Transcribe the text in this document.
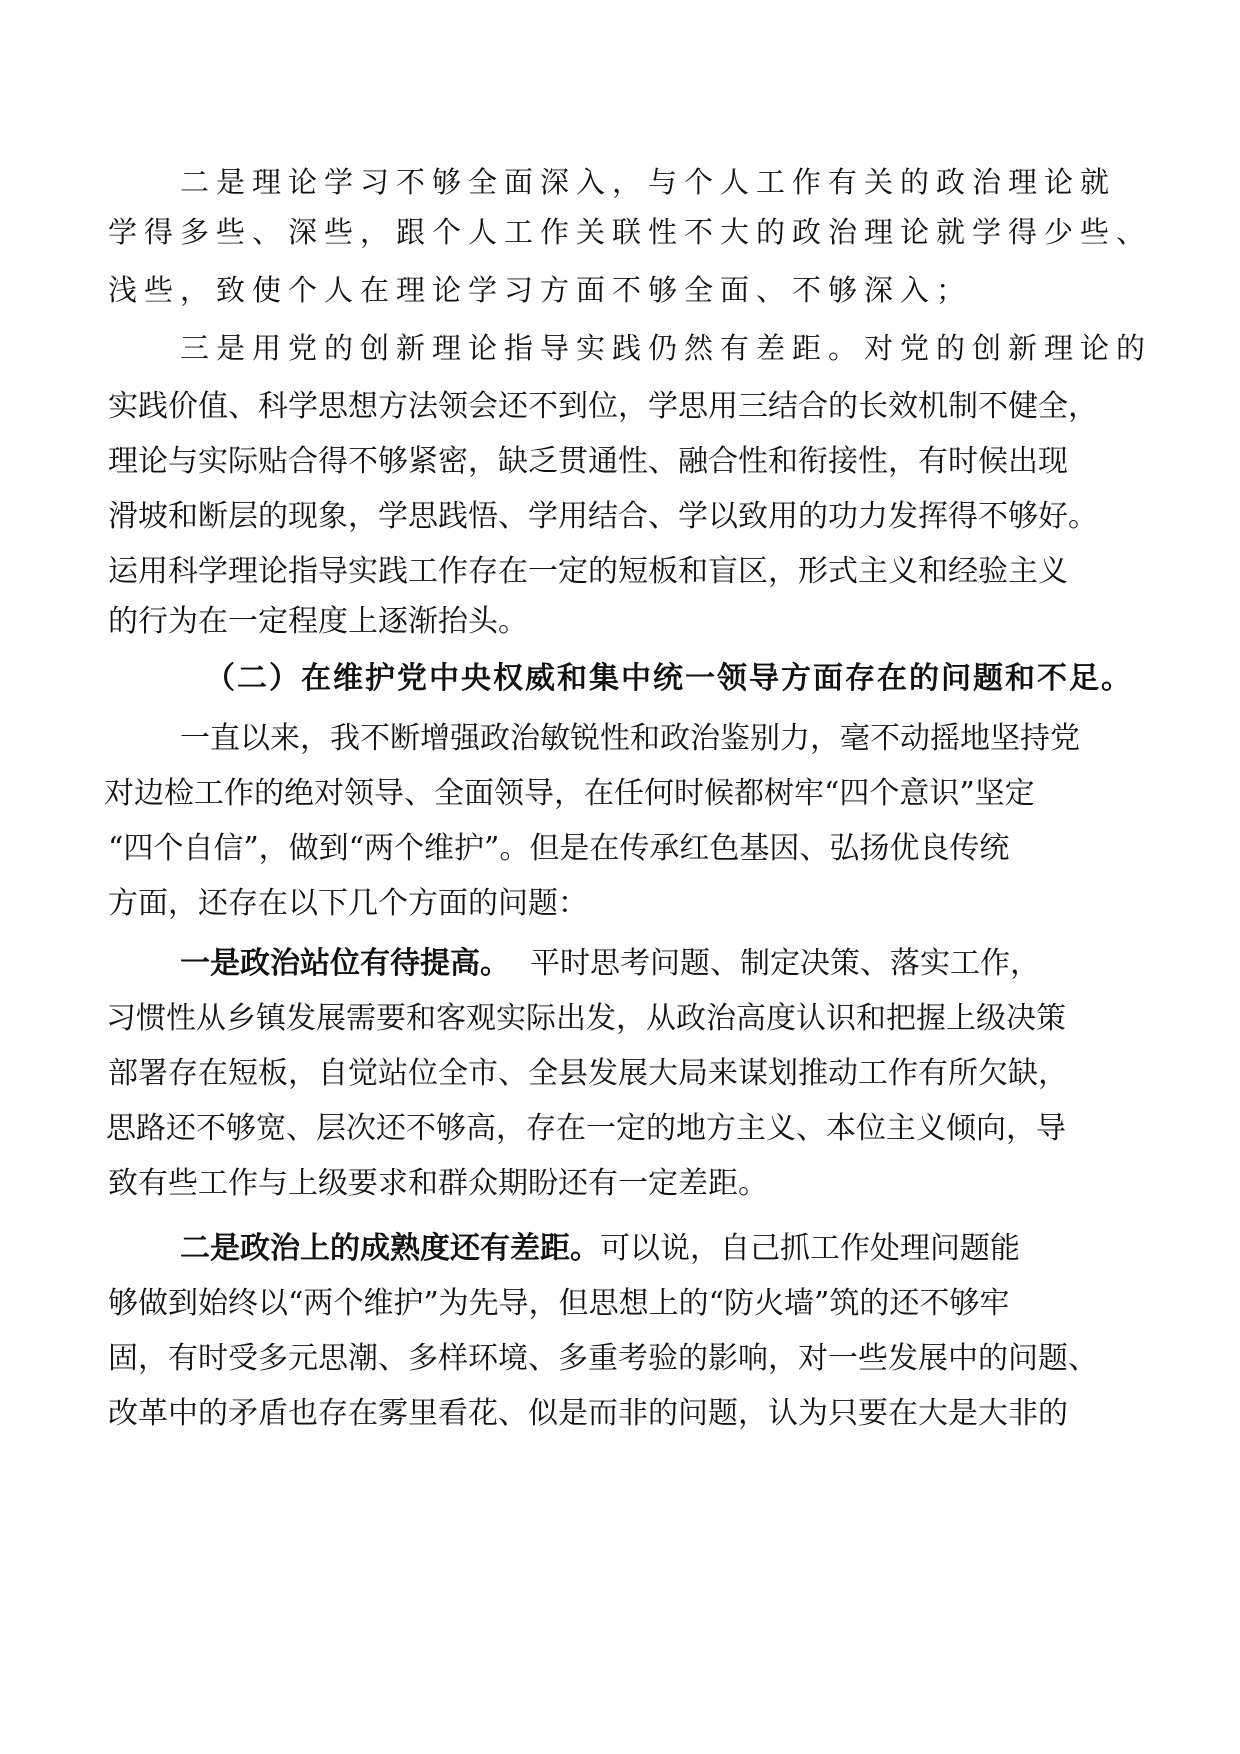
二是理论学习不够全面深入，与个人工作有关的政治理论就
学得多些、深些，跟个人工作关联性不大的政治理论就学得少些、
浅些，致使个人在理论学习方面不够全面、不够深入；
三是用党的创新理论指导实践仍然有差距。对党的创新理论的
实践价值、科学思想方法领会还不到位，学思用三结合的长效机制不健全，
理论与实际贴合得不够紧密，缺乏贯通性、融合性和衔接性，有时候出现
滑坡和断层的现象，学思践悟、学用结合、学以致用的功力发挥得不够好。
运用科学理论指导实践工作存在一定的短板和盲区，形式主义和经验主义
的行为在一定程度上逐渐抬头。
（二）在维护党中央权威和集中统一领导方面存在的问题和不足。
一直以来，我不断增强政治敏锐性和政治鉴别力，毫不动摇地坚持党
对边检工作的绝对领导、全面领导，在任何时候都树牢“四个意识”坚定
“四个自信”，做到“两个维护”。但是在传承红色基因、弘扬优良传统
方面，还存在以下几个方面的问题：
一是政治站位有待提高。 平时思考问题、制定决策、落实工作，
习惯性从乡镇发展需要和客观实际出发，从政治高度认识和把握上级决策
部署存在短板，自觉站位全市、全县发展大局来谋划推动工作有所欠缺，
思路还不够宽、层次还不够高，存在一定的地方主义、本位主义倾向，导
致有些工作与上级要求和群众期盼还有一定差距。
二是政治上的成熟度还有差距。可以说，自己抓工作处理问题能
够做到始终以“两个维护”为先导，但思想上的“防火墙”筑的还不够牢
固，有时受多元思潮、多样环境、多重考验的影响，对一些发展中的问题、
改革中的矛盾也存在雾里看花、似是而非的问题，认为只要在大是大非的
